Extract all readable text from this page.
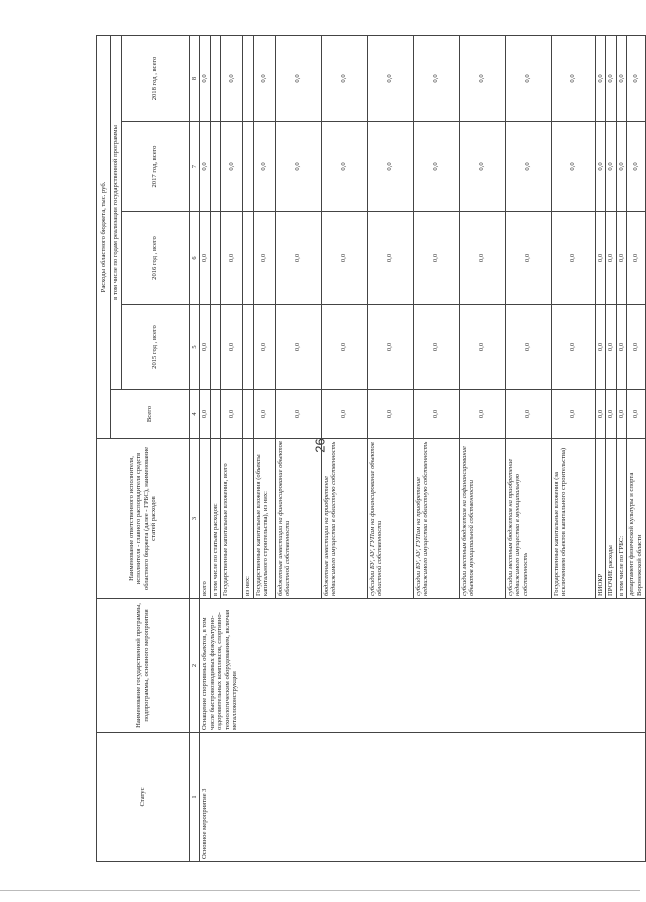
26
Статус	Наименование государственной программы, подпрограммы, основного мероприятия	Наименование ответственного исполнителя, исполнителя - главного распорядителя средств областного бюджета (далее - ГРБС), наименование статей расходов	Расходы областного бюджета, тыс. руб.				
			Всего	в том числе по годам реализации государственной программы			
				2015 год , всего	2016 год , всего	2017 год, всего	2018 год , всего
1	2	3	4	5	6	7	8
Основное мероприятие 3	Оснащение спортивных объектов, в том числе быстровозводимых физкультурно-оздоровительных комплексов, спортивно-технологическим оборудованием, включая металлоконструкции	всего	0,0	0,0	0,0	0,0	0,0
		в том числе по статьям расходов:					
		Государственные капитальные вложения, всего	0,0	0,0	0,0	0,0	0,0
		из них:					
		Государственные капитальные вложения (объекты капитального строительства), из них:	0,0	0,0	0,0	0,0	0,0
		бюджетные инвестиции на финансирование объектов областной собственности	0,0	0,0	0,0	0,0	0,0
		бюджетные инвестиции на приобретение недвижимого имущества в областную собственность	0,0	0,0	0,0	0,0	0,0
		субсидии БУ, АУ, ГУПам на финансирование объектов областной собственности	0,0	0,0	0,0	0,0	0,0
		субсидии БУ, АУ, ГУПам на приобретение недвижимого имущества в областную собственность	0,0	0,0	0,0	0,0	0,0
		субсидии местным бюджетам на софинансирование объектов муниципальной собственности	0,0	0,0	0,0	0,0	0,0
		субсидии местным бюджетам на приобретение недвижимого имущества в муниципальную собственность	0,0	0,0	0,0	0,0	0,0
		Государственные капитальные вложения (за исключением объектов капитального строительства)	0,0	0,0	0,0	0,0	0,0
		НИОКР	0,0	0,0	0,0	0,0	0,0
		ПРОЧИЕ расходы	0,0	0,0	0,0	0,0	0,0
		в том числе по ГРБС:	0,0	0,0	0,0	0,0	0,0
		департамент физической культуры и спорта Воронежской области	0,0	0,0	0,0	0,0	0,0
